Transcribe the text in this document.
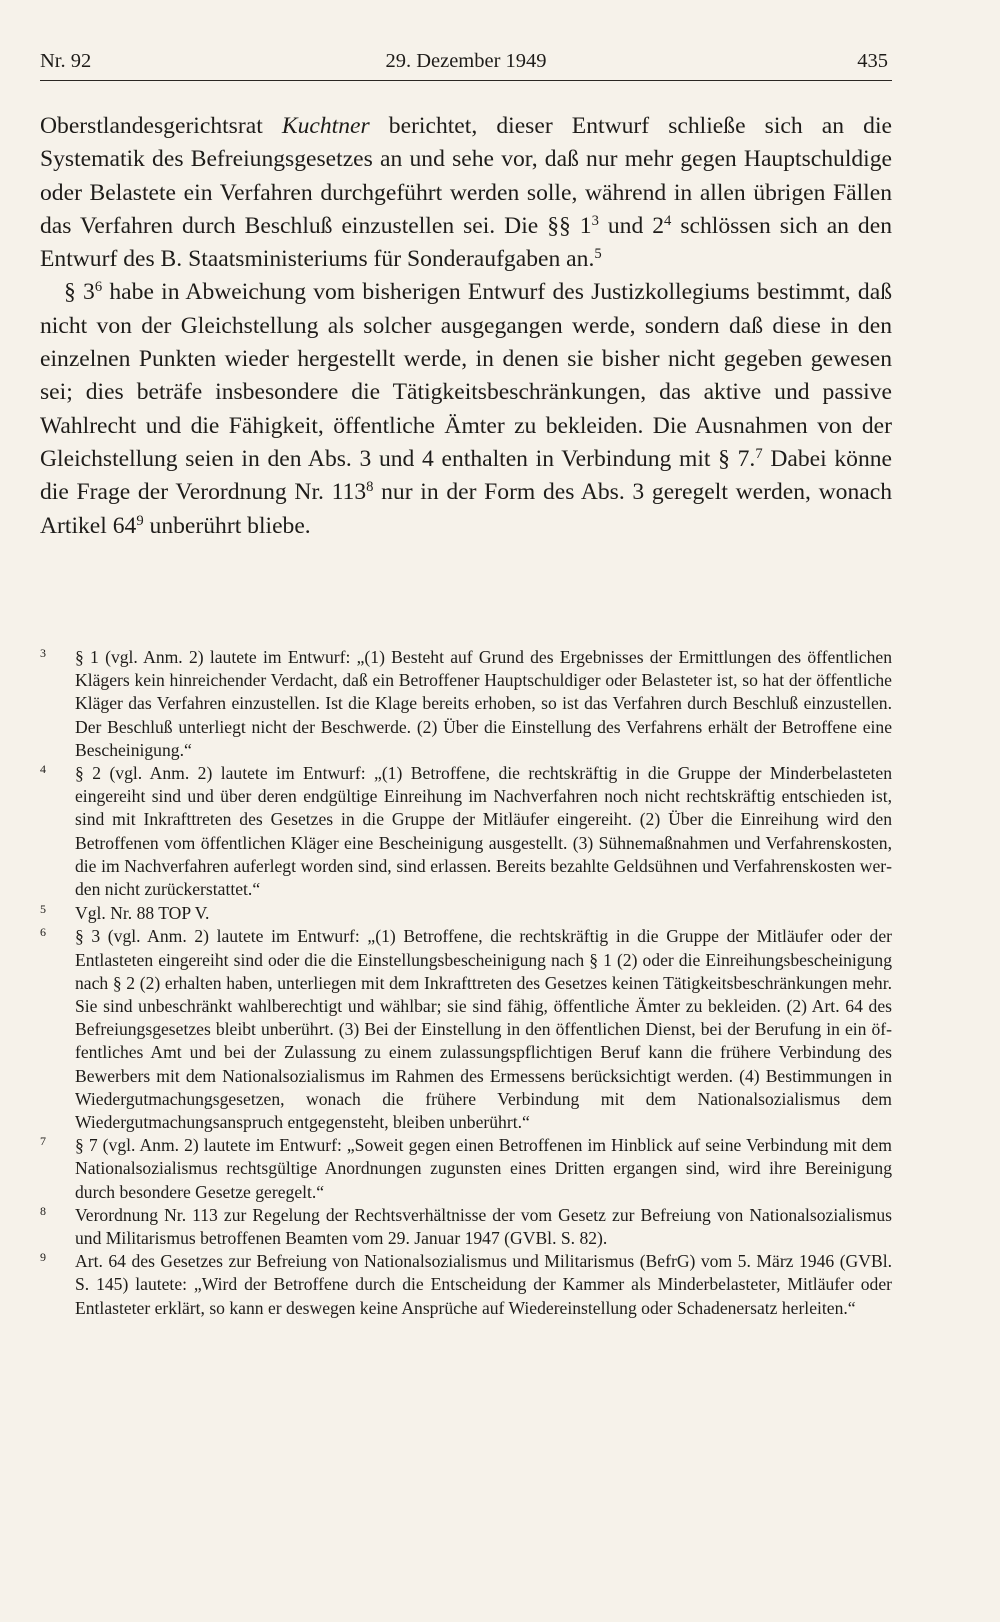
Nr. 92	29. Dezember 1949	435

Oberstlandesgerichtsrat Kuchtner berichtet, dieser Entwurf schließe sich an die Systematik des Befreiungsgesetzes an und sehe vor, daß nur mehr gegen Hauptschuldige oder Belastete ein Verfahren durchgeführt werden solle, während in allen übrigen Fällen das Verfahren durch Beschluß einzustellen sei. Die §§ $1^3$ und $2^4$ schlössen sich an den Entwurf des B. Staatsministeriums für Sonderaufgaben an.$^5$

§ $3^6$ habe in Abweichung vom bisherigen Entwurf des Justizkollegiums bestimmt, daß nicht von der Gleichstellung als solcher ausgegangen werde, sondern daß diese in den einzelnen Punkten wieder hergestellt werde, in denen sie bisher nicht gegeben gewesen sei; dies beträfe insbesondere die Tätigkeitsbeschränkungen, das aktive und passive Wahlrecht und die Fähigkeit, öffentliche Ämter zu bekleiden. Die Ausnahmen von der Gleichstellung seien in den Abs. 3 und 4 enthalten in Verbindung mit § 7.$^7$ Dabei könne die Frage der Verordnung Nr. $113^8$ nur in der Form des Abs. 3 geregelt werden, wonach Artikel $64^9$ unberührt bliebe.

3 § 1 (vgl. Anm. 2) lautete im Entwurf: „(1) Besteht auf Grund des Ergebnisses der Ermittlungen des öffentlichen Klägers kein hinreichender Verdacht, daß ein Betroffener Hauptschuldiger oder Belasteter ist, so hat der öffentliche Kläger das Verfahren einzustellen. Ist die Klage bereits erhoben, so ist das Verfahren durch Beschluß einzustellen. Der Beschluß unterliegt nicht der Beschwerde. (2) Über die Einstellung des Verfahrens erhält der Betroffene eine Bescheinigung.“
4 § 2 (vgl. Anm. 2) lautete im Entwurf: „(1) Betroffene, die rechtskräftig in die Gruppe der Minderbelasteten eingereiht sind und über deren endgültige Einreihung im Nachverfahren noch nicht rechtskräftig entschieden ist, sind mit Inkrafttreten des Gesetzes in die Gruppe der Mitläufer eingereiht. (2) Über die Einreihung wird den Betroffenen vom öffentlichen Kläger eine Bescheinigung ausgestellt. (3) Sühnemaßnahmen und Verfahrenskosten, die im Nachverfahren auferlegt worden sind, sind erlassen. Bereits bezahlte Geldsühnen und Verfahrenskosten werden nicht zurückerstattet.“
5 Vgl. Nr. 88 TOP V.
6 § 3 (vgl. Anm. 2) lautete im Entwurf: „(1) Betroffene, die rechtskräftig in die Gruppe der Mitläufer oder der Entlasteten eingereiht sind oder die die Einstellungsbescheinigung nach § 1 (2) oder die Einreihungsbescheinigung nach § 2 (2) erhalten haben, unterliegen mit dem Inkrafttreten des Gesetzes keinen Tätigkeitsbeschränkungen mehr. Sie sind unbeschränkt wahlberechtigt und wählbar; sie sind fähig, öffentliche Ämter zu bekleiden. (2) Art. 64 des Befreiungsgesetzes bleibt unberührt. (3) Bei der Einstellung in den öffentlichen Dienst, bei der Berufung in ein öffentliches Amt und bei der Zulassung zu einem zulassungspflichtigen Beruf kann die frühere Verbindung des Bewerbers mit dem Nationalsozialismus im Rahmen des Ermessens berücksichtigt werden. (4) Bestimmungen in Wiedergutmachungsgesetzen, wonach die frühere Verbindung mit dem Nationalsozialismus dem Wiedergutmachungsanspruch entgegensteht, bleiben unberührt.“
7 § 7 (vgl. Anm. 2) lautete im Entwurf: „Soweit gegen einen Betroffenen im Hinblick auf seine Verbindung mit dem Nationalsozialismus rechtsgültige Anordnungen zugunsten eines Dritten ergangen sind, wird ihre Bereinigung durch besondere Gesetze geregelt.“
8 Verordnung Nr. 113 zur Regelung der Rechtsverhältnisse der vom Gesetz zur Befreiung von Nationalsozialismus und Militarismus betroffenen Beamten vom 29. Januar 1947 (GVBl. S. 82).
9 Art. 64 des Gesetzes zur Befreiung von Nationalsozialismus und Militarismus (BefrG) vom 5. März 1946 (GVBl. S. 145) lautete: „Wird der Betroffene durch die Entscheidung der Kammer als Minderbelasteter, Mitläufer oder Entlasteter erklärt, so kann er deswegen keine Ansprüche auf Wiedereinstellung oder Schadenersatz herleiten.“
